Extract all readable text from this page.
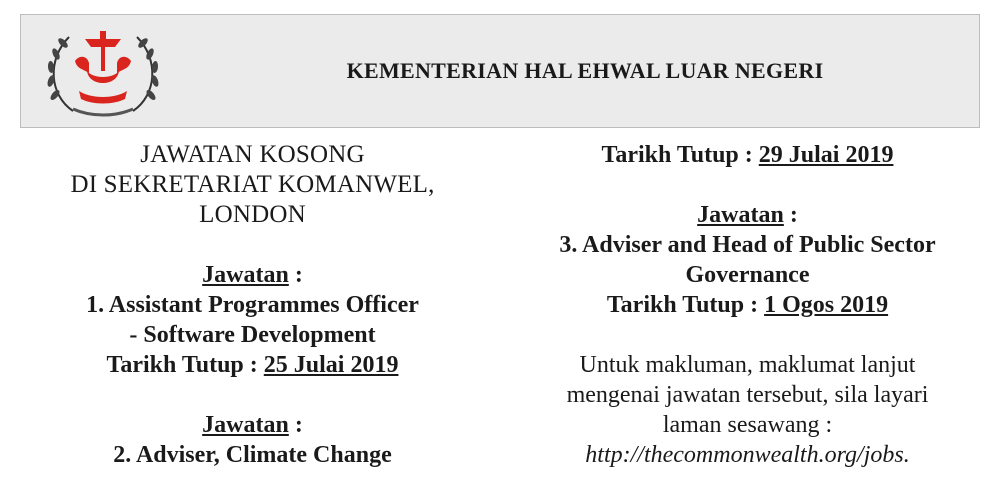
KEMENTERIAN HAL EHWAL LUAR NEGERI
JAWATAN KOSONG
DI SEKRETARIAT KOMANWEL,
LONDON
Jawatan :
1. Assistant Programmes Officer
- Software Development
Tarikh Tutup : 25 Julai 2019
Jawatan :
2. Adviser, Climate Change
Tarikh Tutup : 29 Julai 2019
Jawatan :
3. Adviser and Head of Public Sector
Governance
Tarikh Tutup : 1 Ogos 2019
Untuk makluman, maklumat lanjut
mengenai jawatan tersebut, sila layari
laman sesawang :
http://thecommonwealth.org/jobs.
